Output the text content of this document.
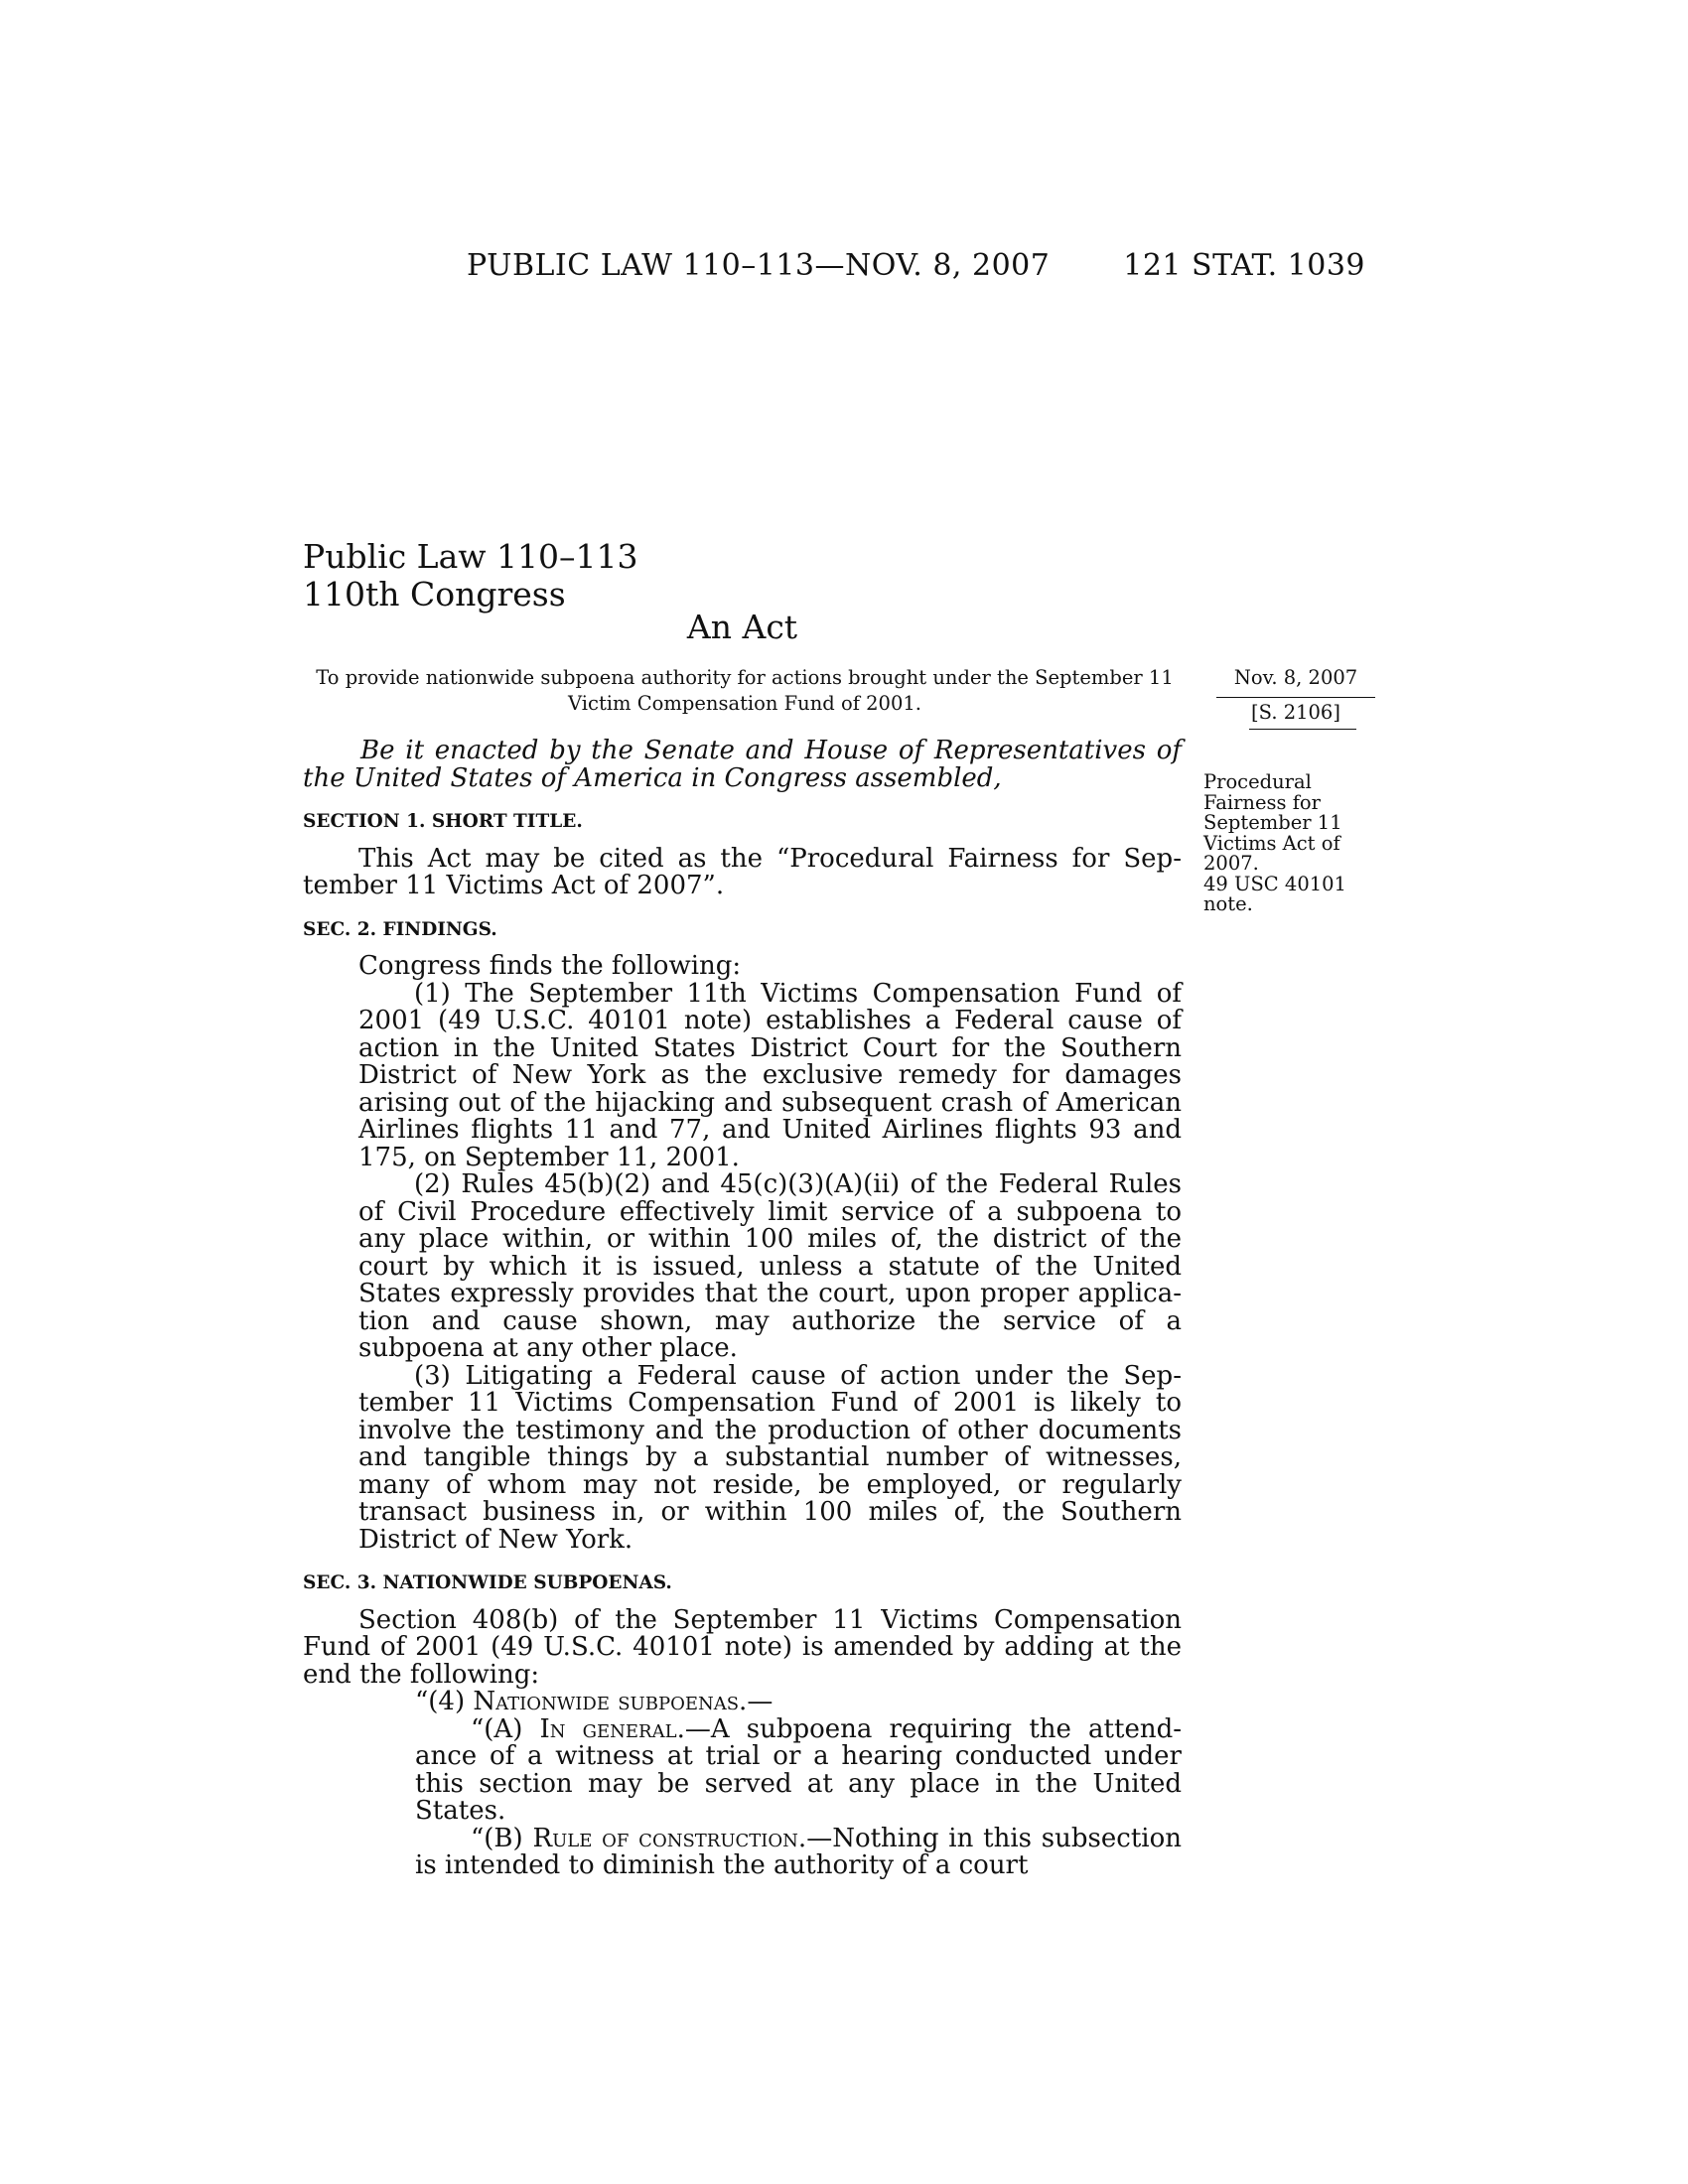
PUBLIC LAW 110–113—NOV. 8, 2007 121 STAT. 1039
Public Law 110–113
110th Congress
An Act
To provide nationwide subpoena authority for actions brought under the September 11 Victim Compensation Fund of 2001.
Nov. 8, 2007
[S. 2106]
Procedural
Fairness for
September 11
Victims Act of
2007.
49 USC 40101
note.

Be it enacted by the Senate and House of Representatives of the United States of America in Congress assembled,

SECTION 1. SHORT TITLE.

This Act may be cited as the “Procedural Fairness for September 11 Victims Act of 2007”.

SEC. 2. FINDINGS.

Congress finds the following:

(1) The September 11th Victims Compensation Fund of 2001 (49 U.S.C. 40101 note) establishes a Federal cause of action in the United States District Court for the Southern District of New York as the exclusive remedy for damages arising out of the hijacking and subsequent crash of American Airlines flights 11 and 77, and United Airlines flights 93 and 175, on September 11, 2001.

(2) Rules 45(b)(2) and 45(c)(3)(A)(ii) of the Federal Rules of Civil Procedure effectively limit service of a subpoena to any place within, or within 100 miles of, the district of the court by which it is issued, unless a statute of the United States expressly provides that the court, upon proper application and cause shown, may authorize the service of a subpoena at any other place.

(3) Litigating a Federal cause of action under the September 11 Victims Compensation Fund of 2001 is likely to involve the testimony and the production of other documents and tangible things by a substantial number of witnesses, many of whom may not reside, be employed, or regularly transact business in, or within 100 miles of, the Southern District of New York.

SEC. 3. NATIONWIDE SUBPOENAS.

Section 408(b) of the September 11 Victims Compensation Fund of 2001 (49 U.S.C. 40101 note) is amended by adding at the end the following:

“(4) Nationwide subpoenas.—

“(A) In general.—A subpoena requiring the attendance of a witness at trial or a hearing conducted under this section may be served at any place in the United States.

“(B) Rule of construction.—Nothing in this subsection is intended to diminish the authority of a court
